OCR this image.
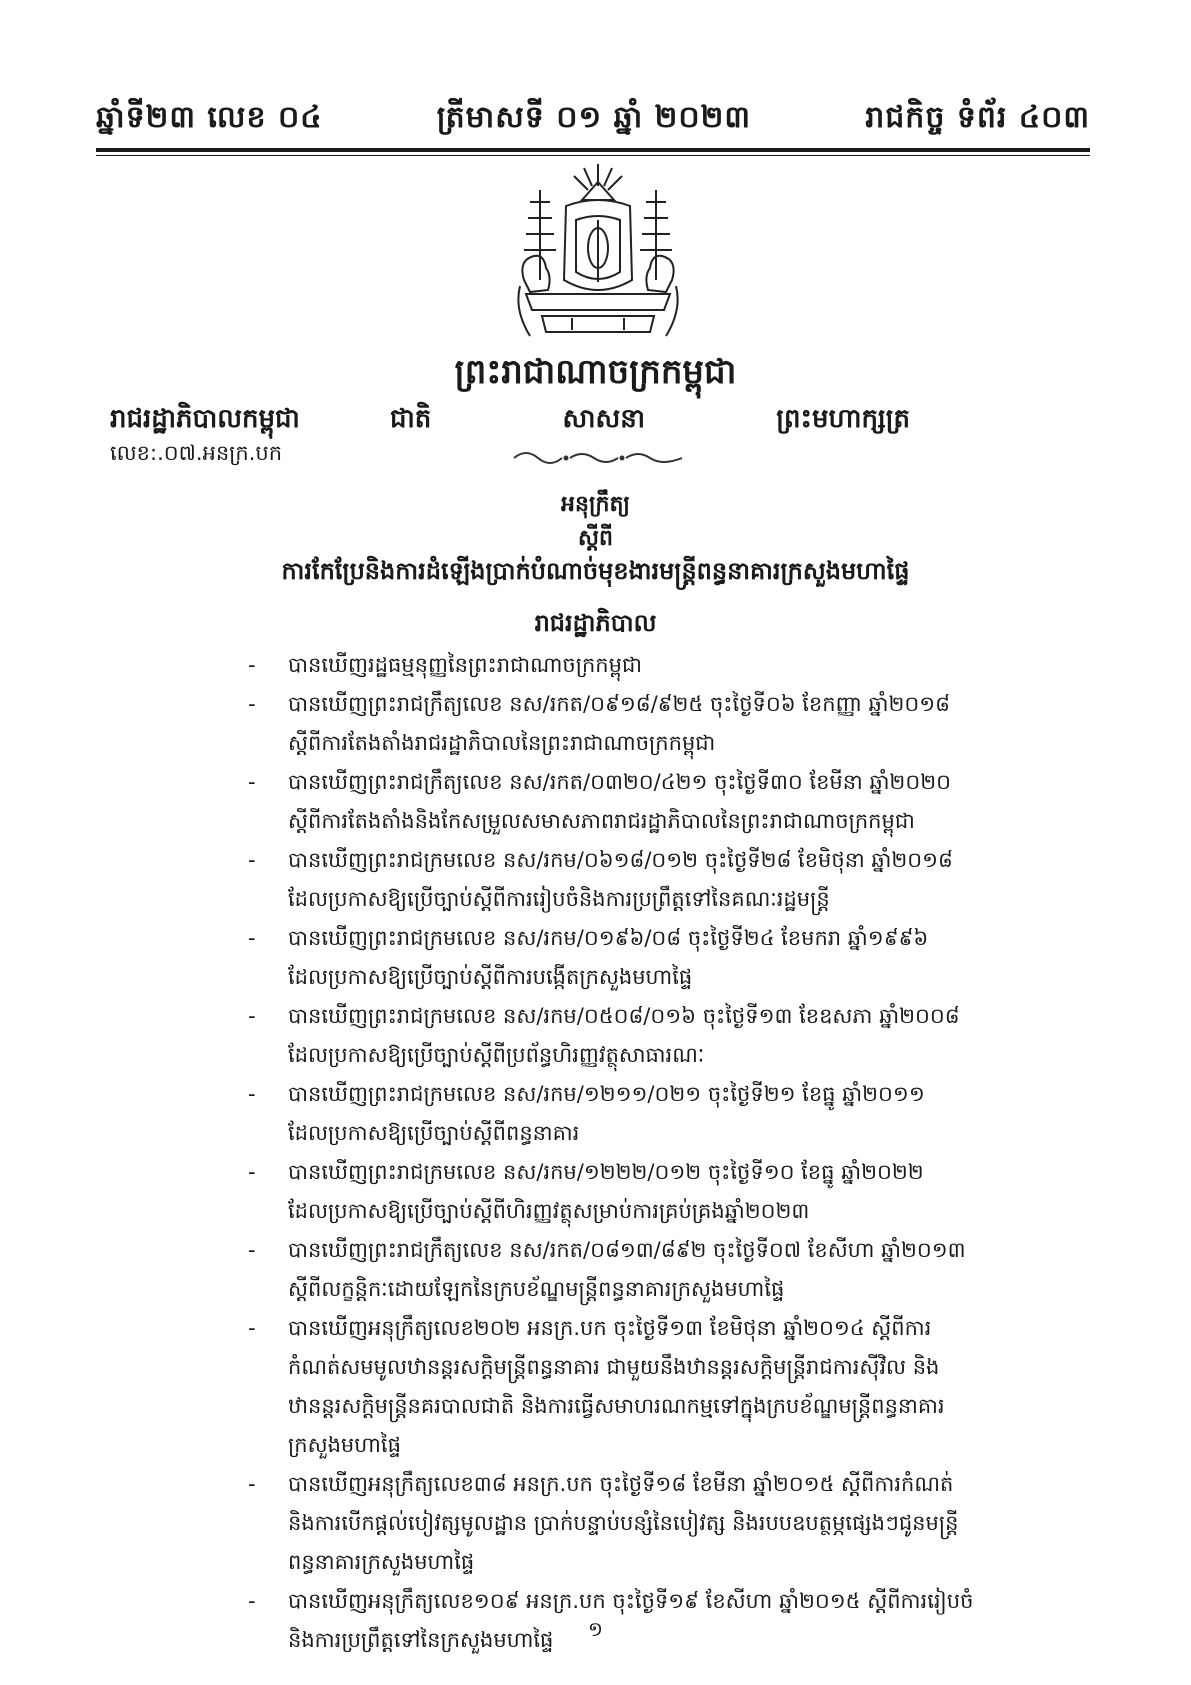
ឆ្នាំទី២៣ លេខ ០៤	ត្រីមាសទី ០១ ឆ្នាំ ២០២៣	រាជកិច្ច ទំព័រ ៤០៣
ព្រះរាជាណាចក្រកម្ពុជា
រាជរដ្ឋាភិបាលកម្ពុជា
លេខ:.០៧.អនក្រ.បក
ជាតិ	សាសនា	ព្រះមហាក្សត្រ
អនុក្រឹត្យ
ស្តីពី
ការកែប្រែនិងការដំឡើងប្រាក់បំណាច់មុខងារមន្ត្រីពន្ធនាគារក្រសួងមហាផ្ទៃ
រាជរដ្ឋាភិបាល
- បានឃើញរដ្ឋធម្មនុញ្ញនៃព្រះរាជាណាចក្រកម្ពុជា
- បានឃើញព្រះរាជក្រឹត្យលេខ នស/រកត/០៩១៨/៩២៥ ចុះថ្ងៃទី០៦ ខែកញ្ញា ឆ្នាំ២០១៨
ស្តីពីការតែងតាំងរាជរដ្ឋាភិបាលនៃព្រះរាជាណាចក្រកម្ពុជា
- បានឃើញព្រះរាជក្រឹត្យលេខ នស/រកត/០៣២០/៤២១ ចុះថ្ងៃទី៣០ ខែមីនា ឆ្នាំ២០២០
ស្តីពីការតែងតាំងនិងកែសម្រួលសមាសភាពរាជរដ្ឋាភិបាលនៃព្រះរាជាណាចក្រកម្ពុជា
- បានឃើញព្រះរាជក្រមលេខ នស/រកម/០៦១៨/០១២ ចុះថ្ងៃទី២៨ ខែមិថុនា ឆ្នាំ២០១៨
ដែលប្រកាសឱ្យប្រើច្បាប់ស្តីពីការរៀបចំនិងការប្រព្រឹត្តទៅនៃគណៈរដ្ឋមន្ត្រី
- បានឃើញព្រះរាជក្រមលេខ នស/រកម/០១៩៦/០៨ ចុះថ្ងៃទី២៤ ខែមករា ឆ្នាំ១៩៩៦
ដែលប្រកាសឱ្យប្រើច្បាប់ស្តីពីការបង្កើតក្រសួងមហាផ្ទៃ
- បានឃើញព្រះរាជក្រមលេខ នស/រកម/០៥០៨/០១៦ ចុះថ្ងៃទី១៣ ខែឧសភា ឆ្នាំ២០០៨
ដែលប្រកាសឱ្យប្រើច្បាប់ស្តីពីប្រព័ន្ធហិរញ្ញវត្ថុសាធារណៈ
- បានឃើញព្រះរាជក្រមលេខ នស/រកម/១២១១/០២១ ចុះថ្ងៃទី២១ ខែធ្នូ ឆ្នាំ២០១១
ដែលប្រកាសឱ្យប្រើច្បាប់ស្តីពីពន្ធនាគារ
- បានឃើញព្រះរាជក្រមលេខ នស/រកម/១២២២/០១២ ចុះថ្ងៃទី១០ ខែធ្នូ ឆ្នាំ២០២២
ដែលប្រកាសឱ្យប្រើច្បាប់ស្តីពីហិរញ្ញវត្ថុសម្រាប់ការគ្រប់គ្រងឆ្នាំ២០២៣
- បានឃើញព្រះរាជក្រឹត្យលេខ នស/រកត/០៨១៣/៨៩២ ចុះថ្ងៃទី០៧ ខែសីហា ឆ្នាំ២០១៣
ស្តីពីលក្ខន្តិកៈដោយឡែកនៃក្របខ័ណ្ឌមន្ត្រីពន្ធនាគារក្រសួងមហាផ្ទៃ
- បានឃើញអនុក្រឹត្យលេខ២០២ អនក្រ.បក ចុះថ្ងៃទី១៣ ខែមិថុនា ឆ្នាំ២០១៤ ស្តីពីការ
កំណត់សមមូលឋានន្តរសក្តិមន្ត្រីពន្ធនាគារ ជាមួយនឹងឋានន្តរសក្តិមន្ត្រីរាជការស៊ីវិល និង
ឋានន្តរសក្តិមន្ត្រីនគរបាលជាតិ និងការធ្វើសមាហរណកម្មទៅក្នុងក្របខ័ណ្ឌមន្ត្រីពន្ធនាគារ
ក្រសួងមហាផ្ទៃ
- បានឃើញអនុក្រឹត្យលេខ៣៨ អនក្រ.បក ចុះថ្ងៃទី១៨ ខែមីនា ឆ្នាំ២០១៥ ស្តីពីការកំណត់
និងការបើកផ្តល់បៀវត្សមូលដ្ឋាន ប្រាក់បន្ទាប់បន្សំនៃបៀវត្ស និងរបបឧបត្ថម្ភផ្សេងៗជូនមន្ត្រី
ពន្ធនាគារក្រសួងមហាផ្ទៃ
- បានឃើញអនុក្រឹត្យលេខ១០៩ អនក្រ.បក ចុះថ្ងៃទី១៩ ខែសីហា ឆ្នាំ២០១៥ ស្តីពីការរៀបចំ
និងការប្រព្រឹត្តទៅនៃក្រសួងមហាផ្ទៃ	១
